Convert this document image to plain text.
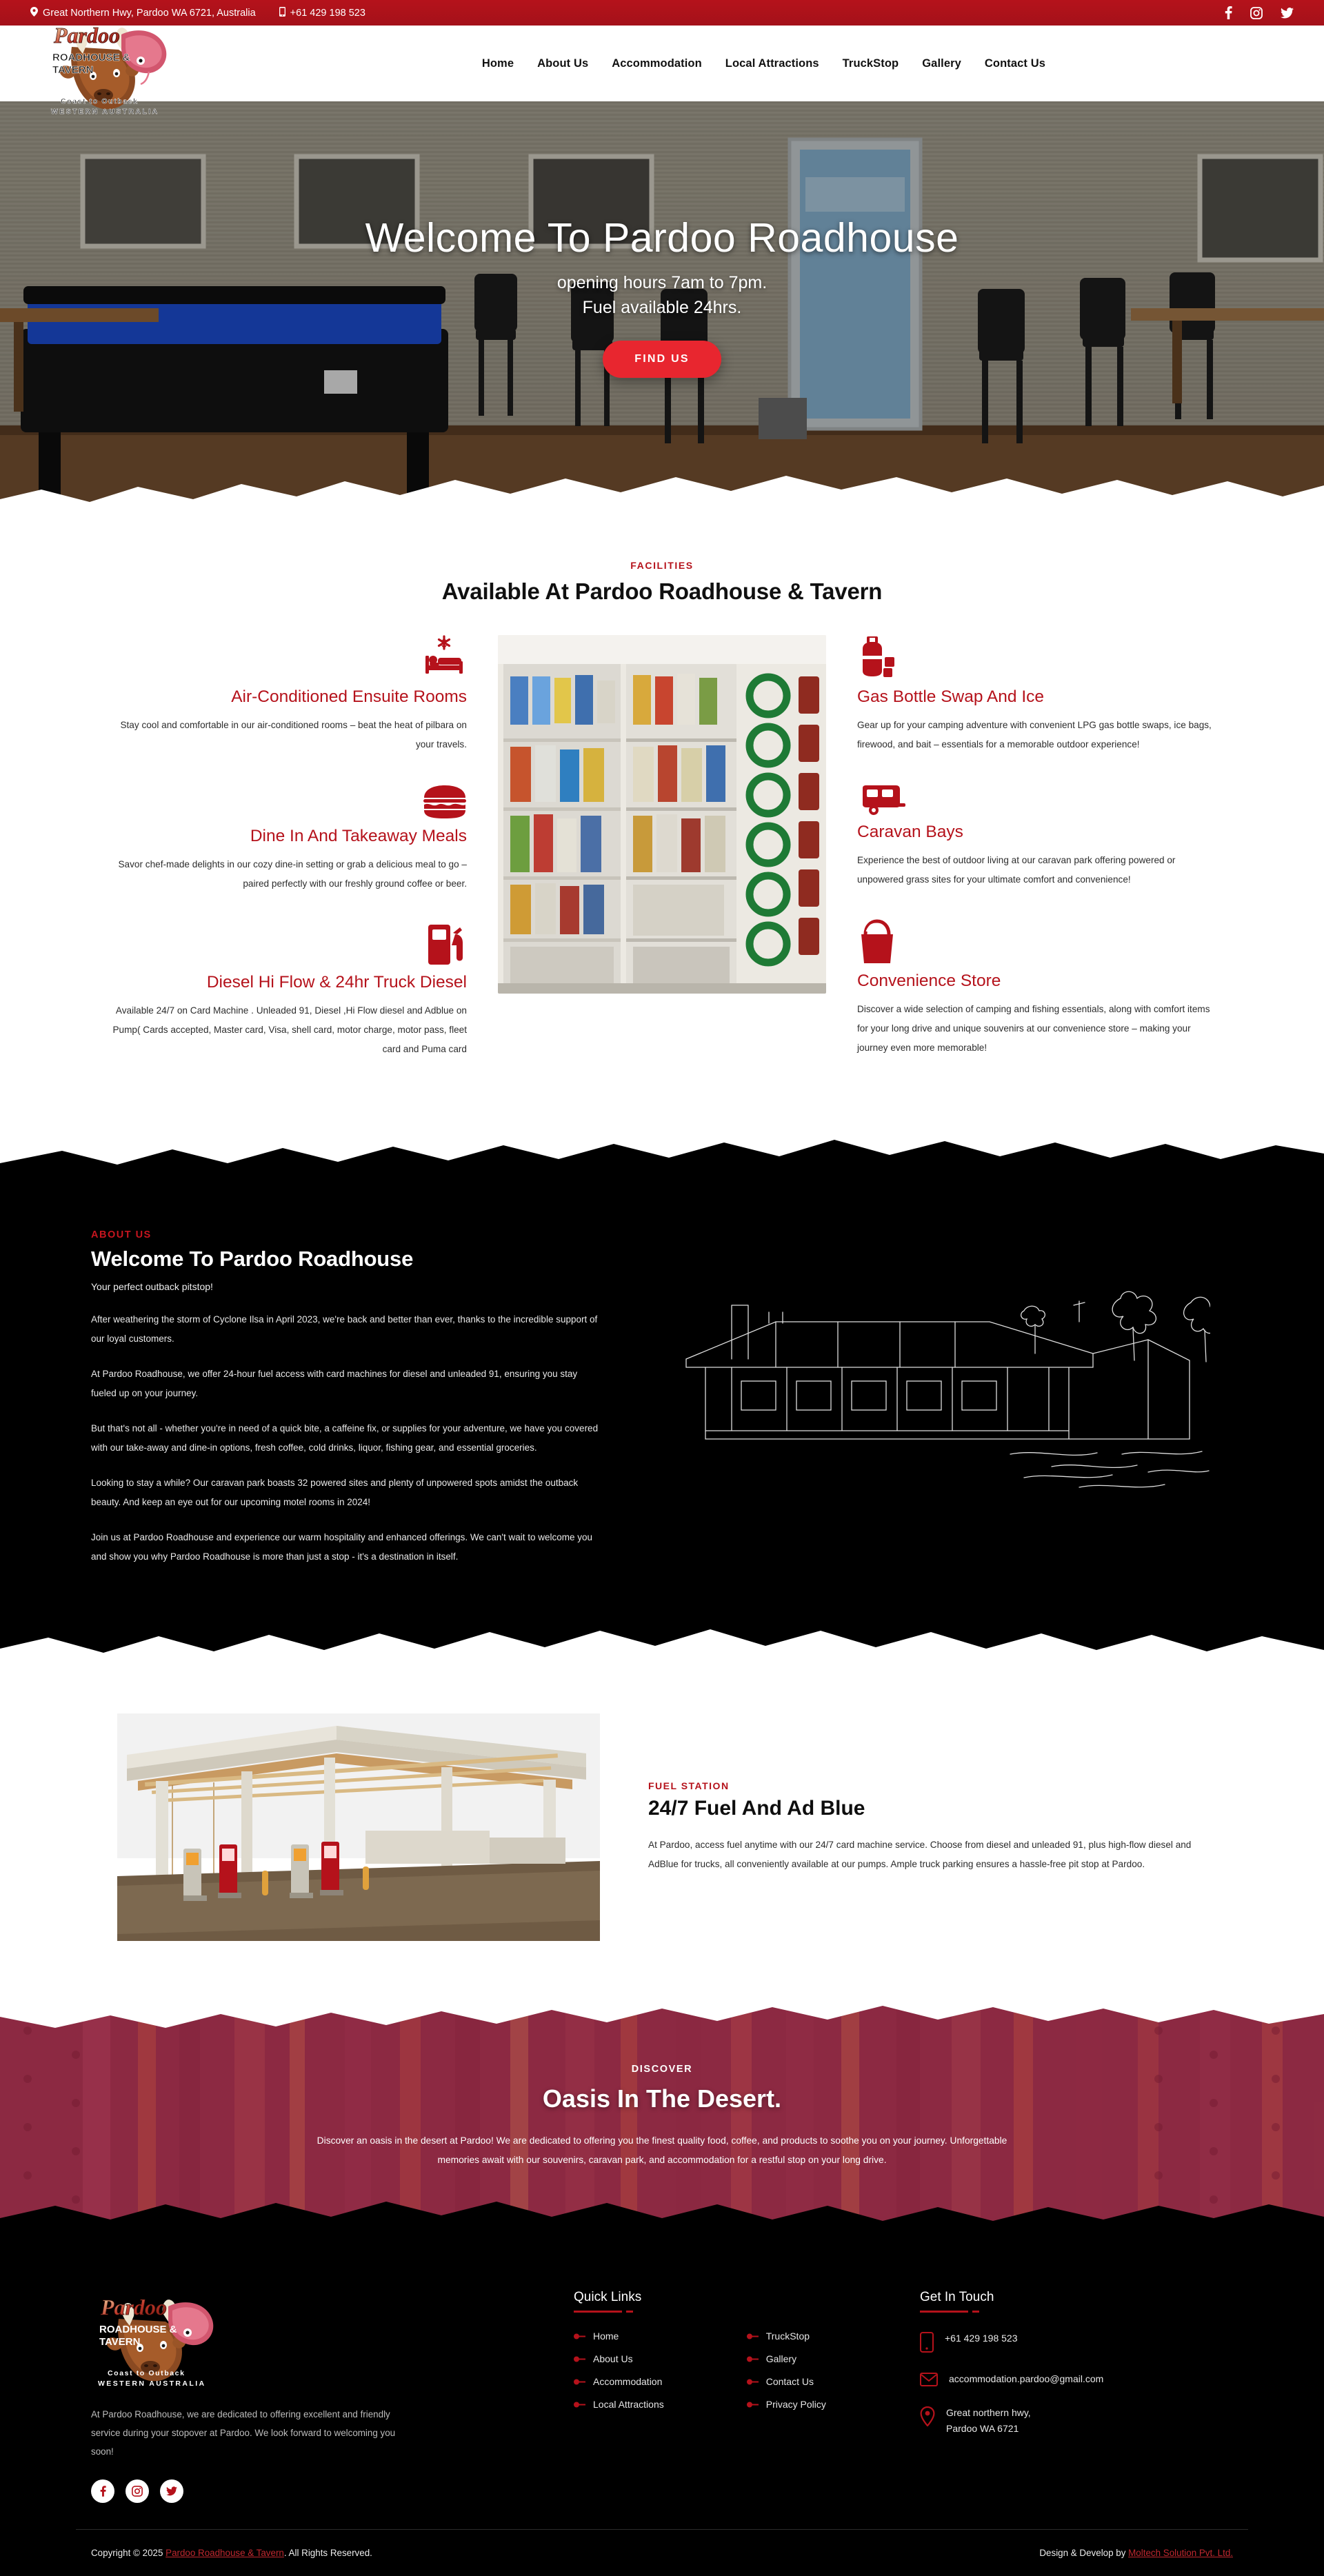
Great Northern Hwy, Pardoo WA 6721, Australia	+61 429 198 523
Pardoo
ROADHOUSE &
TAVERN
Coast to Outback
WESTERN AUSTRALIA
Home About Us Accommodation Local Attractions TruckStop Gallery Contact Us
Welcome To Pardoo Roadhouse

opening hours 7am to 7pm.

Fuel available 24hrs.

FIND US
FACILITIES
Available At Pardoo Roadhouse & Tavern
Air-Conditioned Ensuite Rooms

Stay cool and comfortable in our air-conditioned rooms – beat the heat of pilbara on your travels.

Dine In And Takeaway Meals

Savor chef-made delights in our cozy dine-in setting or grab a delicious meal to go – paired perfectly with our freshly ground coffee or beer.

Diesel Hi Flow & 24hr Truck Diesel

Available 24/7 on Card Machine . Unleaded 91, Diesel ,Hi Flow diesel and Adblue on Pump( Cards accepted, Master card, Visa, shell card, motor charge, motor pass, fleet card and Puma card

Gas Bottle Swap And Ice

Gear up for your camping adventure with convenient LPG gas bottle swaps, ice bags, firewood, and bait – essentials for a memorable outdoor experience!

Caravan Bays

Experience the best of outdoor living at our caravan park offering powered or unpowered grass sites for your ultimate comfort and convenience!

Convenience Store

Discover a wide selection of camping and fishing essentials, along with comfort items for your long drive and unique souvenirs at our convenience store – making your journey even more memorable!

ABOUT US
Welcome To Pardoo Roadhouse
Your perfect outback pitstop!

After weathering the storm of Cyclone Ilsa in April 2023, we're back and better than ever, thanks to the incredible support of our loyal customers.

At Pardoo Roadhouse, we offer 24-hour fuel access with card machines for diesel and unleaded 91, ensuring you stay fueled up on your journey.

But that's not all - whether you're in need of a quick bite, a caffeine fix, or supplies for your adventure, we have you covered with our take-away and dine-in options, fresh coffee, cold drinks, liquor, fishing gear, and essential groceries.

Looking to stay a while? Our caravan park boasts 32 powered sites and plenty of unpowered spots amidst the outback beauty. And keep an eye out for our upcoming motel rooms in 2024!

Join us at Pardoo Roadhouse and experience our warm hospitality and enhanced offerings. We can't wait to welcome you and show you why Pardoo Roadhouse is more than just a stop - it's a destination in itself.

FUEL STATION
24/7 Fuel And Ad Blue

At Pardoo, access fuel anytime with our 24/7 card machine service. Choose from diesel and unleaded 91, plus high-flow diesel and AdBlue for trucks, all conveniently available at our pumps. Ample truck parking ensures a hassle-free pit stop at Pardoo.

DISCOVER
Oasis In The Desert.

Discover an oasis in the desert at Pardoo! We are dedicated to offering you the finest quality food, coffee, and products to soothe you on your journey. Unforgettable memories await with our souvenirs, caravan park, and accommodation for a restful stop on your long drive.

Pardoo
ROADHOUSE &
TAVERN
Coast to Outback
WESTERN AUSTRALIA

At Pardoo Roadhouse, we are dedicated to offering excellent and friendly service during your stopover at Pardoo. We look forward to welcoming you soon!

Quick Links
Home
About Us
Accommodation
Local Attractions
TruckStop
Gallery
Contact Us
Privacy Policy
Get In Touch
+61 429 198 523
accommodation.pardoo@gmail.com
Great northern hwy,
Pardoo WA 6721
Copyright © 2025 Pardoo Roadhouse & Tavern. All Rights Reserved.	Design & Develop by Moltech Solution Pvt. Ltd.
